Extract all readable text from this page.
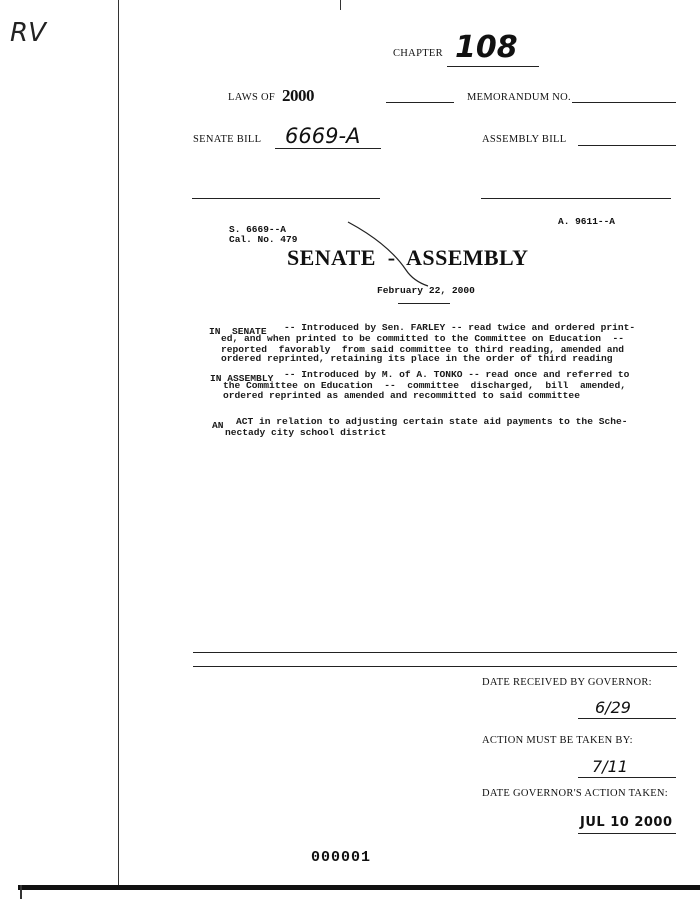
RV
CHAPTER 108
LAWS OF 2000	MEMORANDUM NO.
SENATE BILL 6669-A	ASSEMBLY BILL
S. 6669--A
Cal. No. 479
A. 9611--A
SENATE - ASSEMBLY
February 22, 2000
IN  SENATE -- Introduced by Sen. FARLEY -- read twice and ordered print-
ed, and when printed to be committed to the Committee on Education  --
reported  favorably  from said committee to third reading, amended and
ordered reprinted, retaining its place in the order of third reading
IN ASSEMBLY -- Introduced by M. of A. TONKO -- read once and referred to
the Committee on Education  --  committee  discharged,  bill  amended,
ordered reprinted as amended and recommitted to said committee
AN ACT in relation to adjusting certain state aid payments to the Sche-
nectady city school district
DATE RECEIVED BY GOVERNOR:
6/29
ACTION MUST BE TAKEN BY:
7/11
DATE GOVERNOR'S ACTION TAKEN:
JUL 10 2000
000001
